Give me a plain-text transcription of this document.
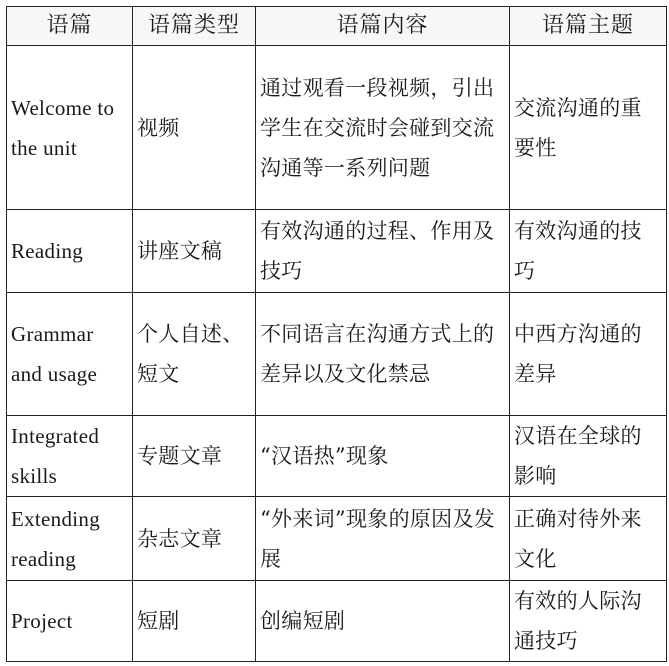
语篇	语篇类型	语篇内容	语篇主题
Welcome to the unit	视频	通过观看一段视频，引出学生在交流时会碰到交流沟通等一系列问题	交流沟通的重要性
Reading	讲座文稿	有效沟通的过程、作用及技巧	有效沟通的技巧
Grammar and usage	个人自述、短文	不同语言在沟通方式上的差异以及文化禁忌	中西方沟通的差异
Integrated skills	专题文章	“汉语热”现象	汉语在全球的影响
Extending reading	杂志文章	“外来词”现象的原因及发展	正确对待外来文化
Project	短剧	创编短剧	有效的人际沟通技巧
